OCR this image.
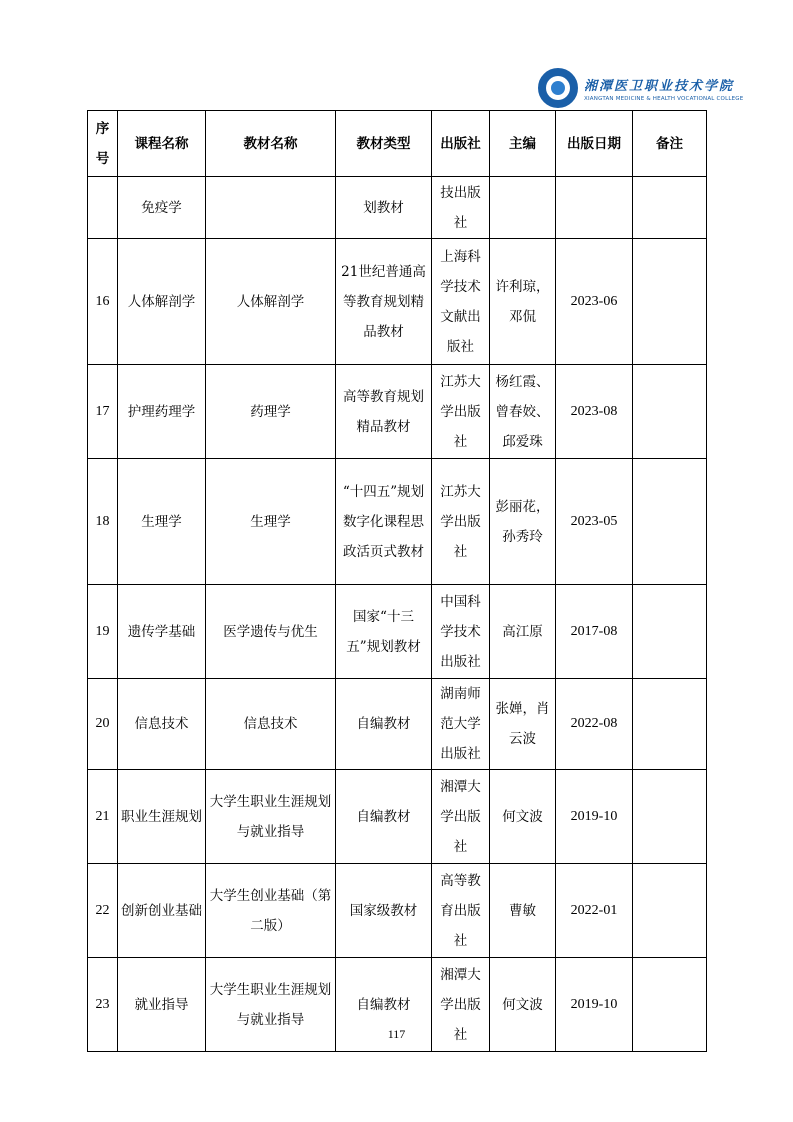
湘潭医卫职业技术学院
XIANGTAN MEDICINE & HEALTH VOCATIONAL COLLEGE
序号	课程名称	教材名称	教材类型	出版社	主编	出版日期	备注
	免疫学		划教材	技出版社			
16	人体解剖学	人体解剖学	21世纪普通高等教育规划精品教材	上海科学技术文献出版社	许利琼，邓侃	2023-06	
17	护理药理学	药理学	高等教育规划精品教材	江苏大学出版社	杨红霞、曾春姣、邱爱珠	2023-08	
18	生理学	生理学	“十四五”规划数字化课程思政活页式教材	江苏大学出版社	彭丽花，孙秀玲	2023-05	
19	遗传学基础	医学遗传与优生	国家“十三五”规划教材	中国科学技术出版社	高江原	2017-08	
20	信息技术	信息技术	自编教材	湖南师范大学出版社	张婵，肖云波	2022-08	
21	职业生涯规划	大学生职业生涯规划与就业指导	自编教材	湘潭大学出版社	何文波	2019-10	
22	创新创业基础	大学生创业基础（第二版）	国家级教材	高等教育出版社	曹敏	2022-01	
23	就业指导	大学生职业生涯规划与就业指导	自编教材	湘潭大学出版社	何文波	2019-10	
117
